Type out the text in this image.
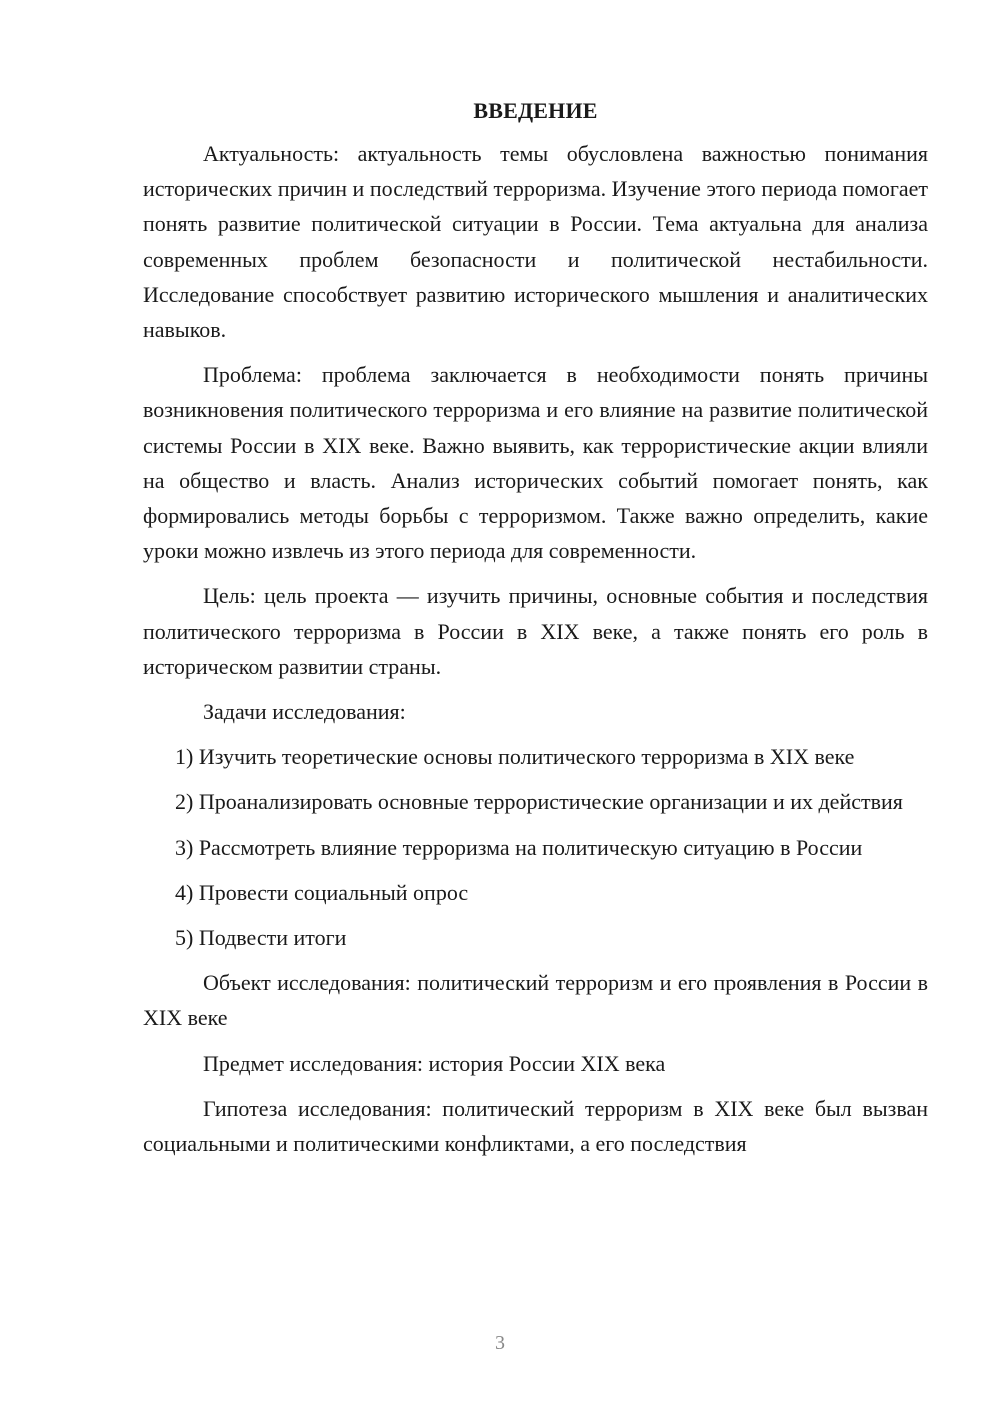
ВВЕДЕНИЕ

Актуальность: актуальность темы обусловлена важностью понимания исторических причин и последствий терроризма. Изучение этого периода помогает понять развитие политической ситуации в России. Тема актуальна для анализа современных проблем безопасности и политической нестабильности. Исследование способствует развитию исторического мышления и аналитических навыков.

Проблема: проблема заключается в необходимости понять причины возникновения политического терроризма и его влияние на развитие политической системы России в XIX веке. Важно выявить, как террористические акции влияли на общество и власть. Анализ исторических событий помогает понять, как формировались методы борьбы с терроризмом. Также важно определить, какие уроки можно извлечь из этого периода для современности.

Цель: цель проекта — изучить причины, основные события и последствия политического терроризма в России в XIX веке, а также понять его роль в историческом развитии страны.

Задачи исследования:

1) Изучить теоретические основы политического терроризма в XIX веке

2) Проанализировать основные террористические организации и их действия

3) Рассмотреть влияние терроризма на политическую ситуацию в России

4) Провести социальный опрос

5) Подвести итоги

Объект исследования: политический терроризм и его проявления в России в XIX веке

Предмет исследования: история России XIX века

Гипотеза исследования: политический терроризм в XIX веке был вызван социальными и политическими конфликтами, а его последствия

3
